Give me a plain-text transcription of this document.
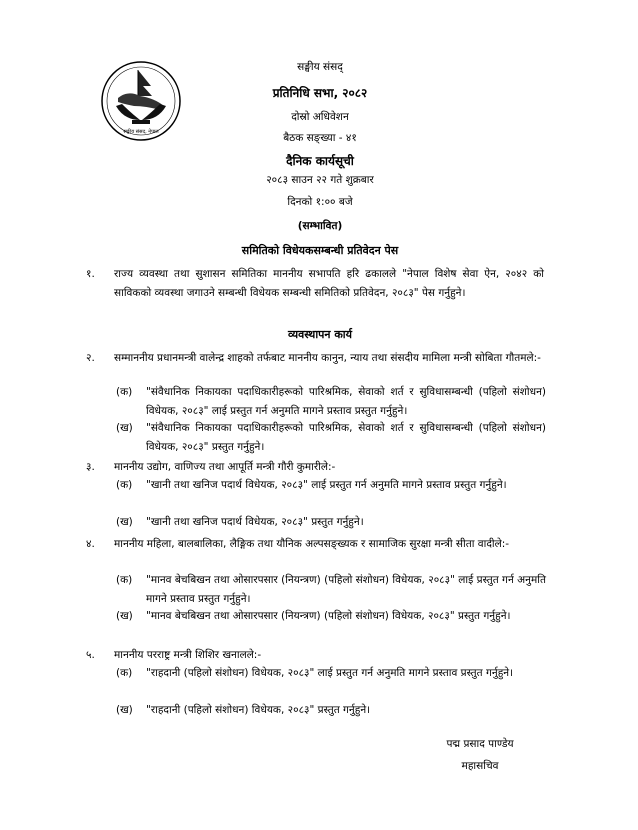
सङ्घीय संसद, नेपाल
सङ्घीय संसद्
प्रतिनिधि सभा, २०८२
दोस्रो अधिवेशन
बैठक सङ्ख्या - ४१
दैनिक कार्यसूची
२०८३ साउन २२ गते शुक्रबार
दिनको १:०० बजे
(सम्भावित)
समितिको विधेयकसम्बन्धी प्रतिवेदन पेस
१. राज्य व्यवस्था तथा सुशासन समितिका माननीय सभापति हरि ढकालले "नेपाल विशेष सेवा ऐन, २०४२ को साविकको व्यवस्था जगाउने सम्बन्धी विधेयक सम्बन्धी समितिको प्रतिवेदन, २०८३" पेस गर्नुहुने।
व्यवस्थापन कार्य
२. सम्माननीय प्रधानमन्त्री वालेन्द्र शाहको तर्फबाट माननीय कानुन, न्याय तथा संसदीय मामिला मन्त्री सोबिता गौतमले:-
(क) "संवैधानिक निकायका पदाधिकारीहरूको पारिश्रमिक, सेवाको शर्त र सुविधासम्बन्धी (पहिलो संशोधन) विधेयक, २०८३" लाई प्रस्तुत गर्न अनुमति मागने प्रस्ताव प्रस्तुत गर्नुहुने।
(ख) "संवैधानिक निकायका पदाधिकारीहरूको पारिश्रमिक, सेवाको शर्त र सुविधासम्बन्धी (पहिलो संशोधन) विधेयक, २०८३" प्रस्तुत गर्नुहुने।
३. माननीय उद्योग, वाणिज्य तथा आपूर्ति मन्त्री गौरी कुमारीले:-
(क) "खानी तथा खनिज पदार्थ विधेयक, २०८३" लाई प्रस्तुत गर्न अनुमति मागने प्रस्ताव प्रस्तुत गर्नुहुने।
(ख) "खानी तथा खनिज पदार्थ विधेयक, २०८३" प्रस्तुत गर्नुहुने।
४. माननीय महिला, बालबालिका, लैङ्गिक तथा यौनिक अल्पसङ्ख्यक र सामाजिक सुरक्षा मन्त्री सीता वादीले:-
(क) "मानव बेचबिखन तथा ओसारपसार (नियन्त्रण) (पहिलो संशोधन) विधेयक, २०८३" लाई प्रस्तुत गर्न अनुमति मागने प्रस्ताव प्रस्तुत गर्नुहुने।
(ख) "मानव बेचबिखन तथा ओसारपसार (नियन्त्रण) (पहिलो संशोधन) विधेयक, २०८३" प्रस्तुत गर्नुहुने।
५. माननीय परराष्ट्र मन्त्री शिशिर खनालले:-
(क) "राहदानी (पहिलो संशोधन) विधेयक, २०८३" लाई प्रस्तुत गर्न अनुमति मागने प्रस्ताव प्रस्तुत गर्नुहुने।
(ख) "राहदानी (पहिलो संशोधन) विधेयक, २०८३" प्रस्तुत गर्नुहुने।
पद्म प्रसाद पाण्डेय
महासचिव
